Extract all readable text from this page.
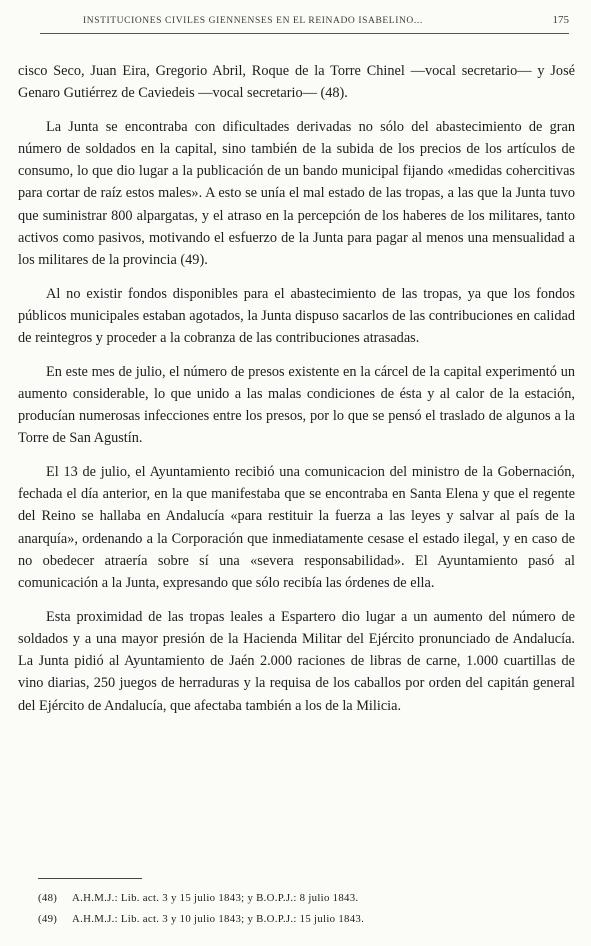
INSTITUCIONES CIVILES GIENNENSES EN EL REINADO ISABELINO...	175

cisco Seco, Juan Eira, Gregorio Abril, Roque de la Torre Chinel —vocal secretario— y José Genaro Gutiérrez de Caviedeis —vocal secretario— (48).

La Junta se encontraba con dificultades derivadas no sólo del abastecimiento de gran número de soldados en la capital, sino también de la subida de los precios de los artículos de consumo, lo que dio lugar a la publicación de un bando municipal fijando «medidas cohercitivas para cortar de raíz estos males». A esto se unía el mal estado de las tropas, a las que la Junta tuvo que suministrar 800 alpargatas, y el atraso en la percepción de los haberes de los militares, tanto activos como pasivos, motivando el esfuerzo de la Junta para pagar al menos una mensualidad a los militares de la provincia (49).

Al no existir fondos disponibles para el abastecimiento de las tropas, ya que los fondos públicos municipales estaban agotados, la Junta dispuso sacarlos de las contribuciones en calidad de reintegros y proceder a la cobranza de las contribuciones atrasadas.

En este mes de julio, el número de presos existente en la cárcel de la capital experimentó un aumento considerable, lo que unido a las malas condiciones de ésta y al calor de la estación, producían numerosas infecciones entre los presos, por lo que se pensó el traslado de algunos a la Torre de San Agustín.

El 13 de julio, el Ayuntamiento recibió una comunicacion del ministro de la Gobernación, fechada el día anterior, en la que manifestaba que se encontraba en Santa Elena y que el regente del Reino se hallaba en Andalucía «para restituir la fuerza a las leyes y salvar al país de la anarquía», ordenando a la Corporación que inmediatamente cesase el estado ilegal, y en caso de no obedecer atraería sobre sí una «severa responsabilidad». El Ayuntamiento pasó al comunicación a la Junta, expresando que sólo recibía las órdenes de ella.

Esta proximidad de las tropas leales a Espartero dio lugar a un aumento del número de soldados y a una mayor presión de la Hacienda Militar del Ejército pronunciado de Andalucía. La Junta pidió al Ayuntamiento de Jaén 2.000 raciones de libras de carne, 1.000 cuartillas de vino diarias, 250 juegos de herraduras y la requisa de los caballos por orden del capitán general del Ejército de Andalucía, que afectaba también a los de la Milicia.

(48) A.H.M.J.: Lib. act. 3 y 15 julio 1843; y B.O.P.J.: 8 julio 1843.
(49) A.H.M.J.: Lib. act. 3 y 10 julio 1843; y B.O.P.J.: 15 julio 1843.
